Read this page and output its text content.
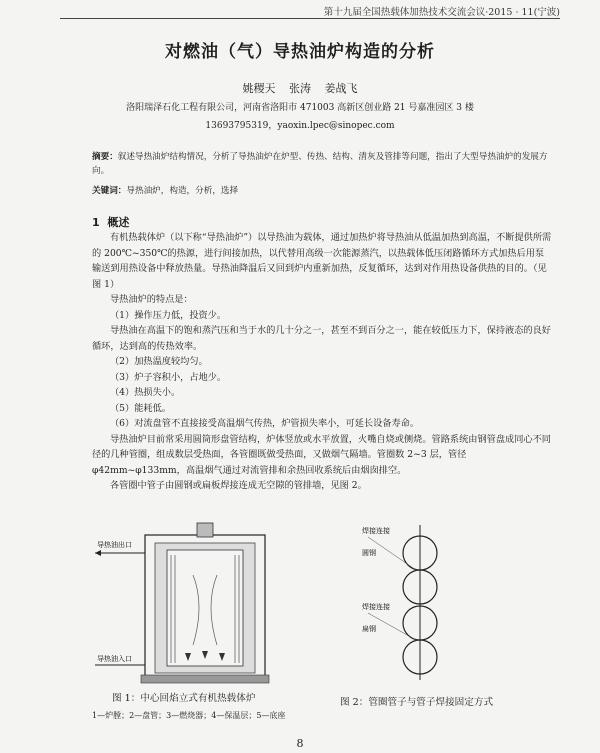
第十九届全国热载体加热技术交流会议·2015 · 11(宁波)
对燃油（气）导热油炉构造的分析
姚稷天 张涛 姜战飞
洛阳瑞泽石化工程有限公司，河南省洛阳市 471003 高新区创业路 21 号嘉准园区 3 楼
13693795319，yaoxin.lpec@sinopec.com
摘要：叙述导热油炉结构情况，分析了导热油炉在炉型、传热、结构、清灰及管排等问题，指出了大型导热油炉的发展方向。
关键词：导热油炉，构造，分析，选择
1 概述

有机热载体炉（以下称“导热油炉”）以导热油为载体，通过加热炉将导热油从低温加热到高温，不断提供所需的 200℃~350℃的热源，进行间接加热，以代替用高级一次能源蒸汽，以热载体低压闭路循环方式加热后用泵输送到用热设备中释放热量。导热油降温后又回到炉内重新加热，反复循环，达到对作用热设备供热的目的。（见图 1）

导热油炉的特点是：

（1）操作压力低，投资少。

导热油在高温下的饱和蒸汽压和当于水的几十分之一，甚至不到百分之一，能在较低压力下，保持液态的良好循环，达到高的传热效率。

（2）加热温度较均匀。

（3）炉子容积小，占地少。

（4）热损失小。

（5）能耗低。

（6）对流盘管不直接接受高温烟气传热，炉管损失率小，可延长设备寿命。

导热油炉目前常采用圆筒形盘管结构，炉体竖放或水平放置，火嘴自烧或侧烧。管路系统由钢管盘成同心不同径的几种管圈，组成数层受热面，各管圈既做受热面，又做烟气隔墙。管圈数 2~3 层，管径 φ42mm~φ133mm，高温烟气通过对流管排和余热回收系统后由烟囱排空。

各管圈中管子由圆钢或扁板焊接连成无空隙的管排墙，见图 2。

导热油出口
导热油入口
焊接连接
圆钢
焊接连接
扁钢
图 1：中心回焰立式有机热载体炉	图 2：管圈管子与管子焊接固定方式
1—炉膛；2—盘管；3—燃烧器；4—保温层；5—底座
8
